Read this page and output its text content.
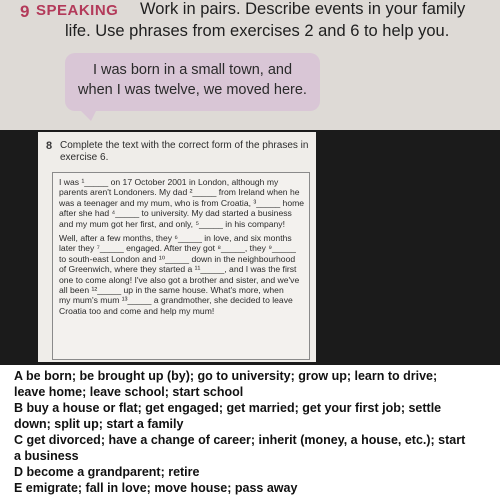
9 SPEAKING Work in pairs. Describe events in your family
life. Use phrases from exercises 2 and 6 to help you.
I was born in a small town, and
when I was twelve, we moved here.
8 Complete the text with the correct form of the phrases in
exercise 6.
I was ¹_____ on 17 October 2001 in London, although my
parents aren't Londoners. My dad ²_____ from Ireland when he
was a teenager and my mum, who is from Croatia, ³_____ home
after she had ⁴_____ to university. My dad started a business
and my mum got her first, and only, ⁵_____ in his company!
Well, after a few months, they ⁶_____ in love, and six months
later they ⁷_____ engaged. After they got ⁸_____, they ⁹_____
to south-east London and ¹⁰_____ down in the neighbourhood
of Greenwich, where they started a ¹¹_____, and I was the first
one to come along! I've also got a brother and sister, and we've
all been ¹²_____ up in the same house. What's more, when
my mum's mum ¹³_____ a grandmother, she decided to leave
Croatia too and come and help my mum!
A be born; be brought up (by); go to university; grow up; learn to drive;
leave home; leave school; start school
B buy a house or flat; get engaged; get married; get your first job; settle
down; split up; start a family
C get divorced; have a change of career; inherit (money, a house, etc.); start
a business
D become a grandparent; retire
E emigrate; fall in love; move house; pass away
